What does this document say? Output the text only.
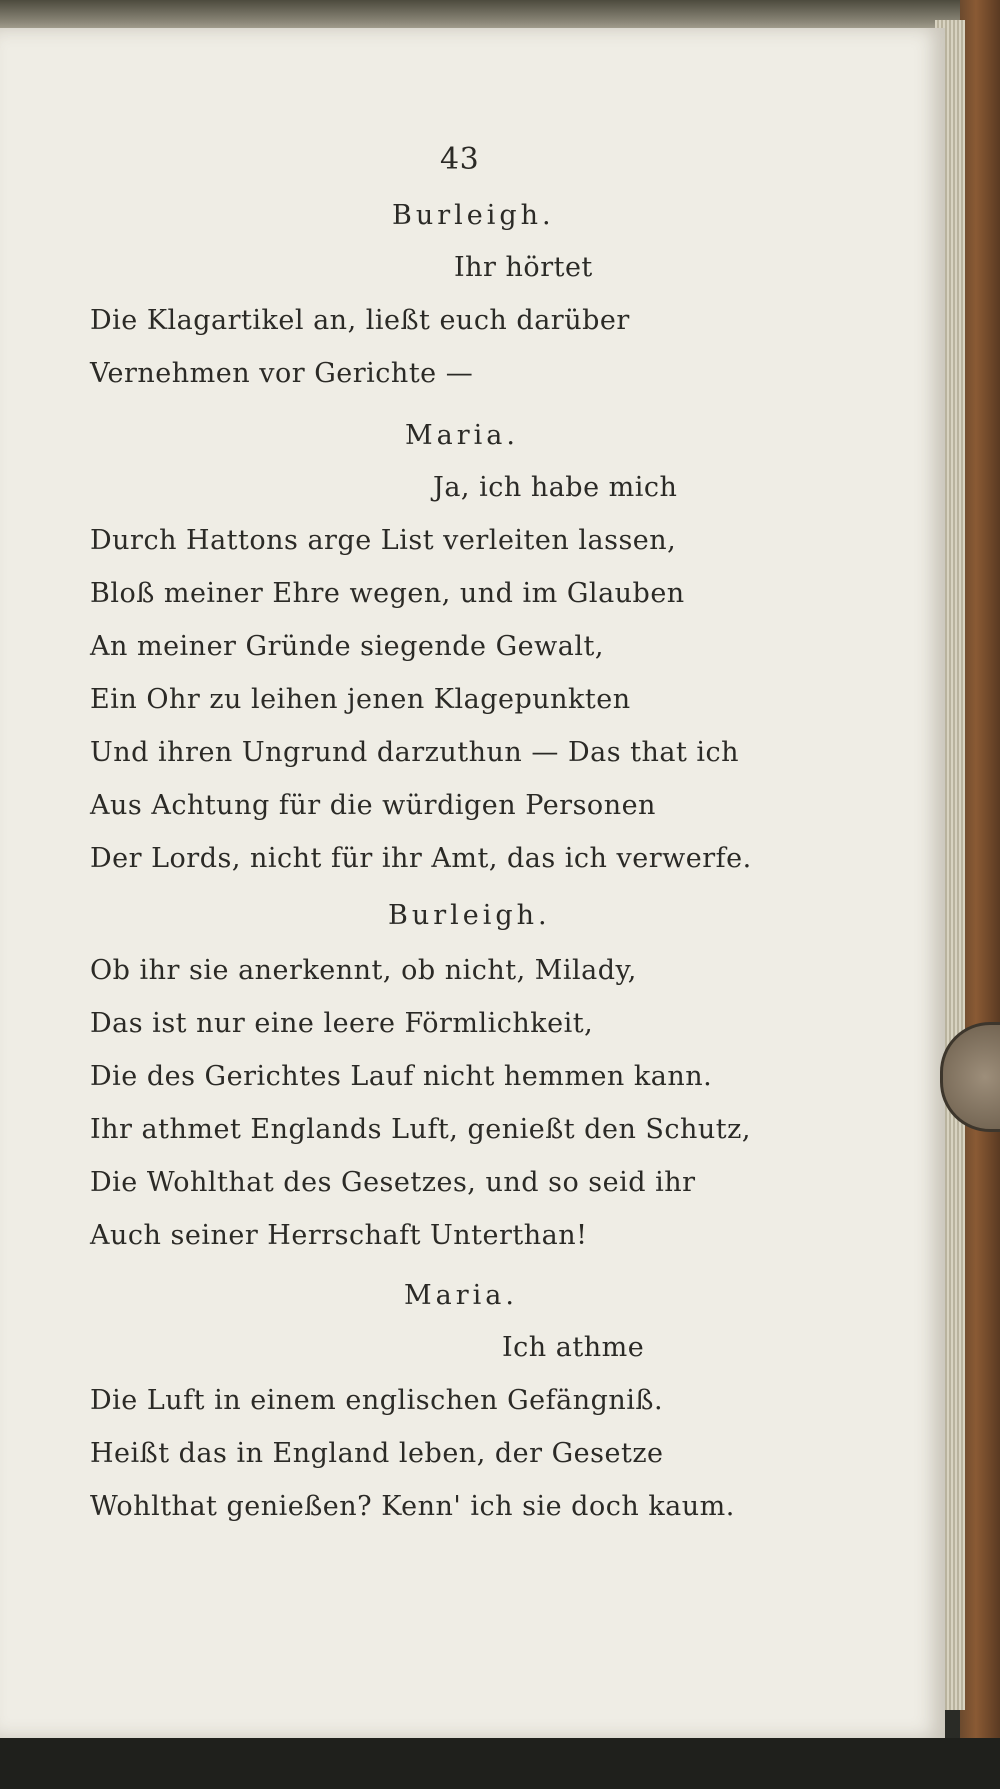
43
Burleigh.
Ihr hörtet
Die Klagartikel an, ließt euch darüber
Vernehmen vor Gerichte —
Maria.
Ja, ich habe mich
Durch Hattons arge List verleiten lassen,
Bloß meiner Ehre wegen, und im Glauben
An meiner Gründe siegende Gewalt,
Ein Ohr zu leihen jenen Klagepunkten
Und ihren Ungrund darzuthun — Das that ich
Aus Achtung für die würdigen Personen
Der Lords, nicht für ihr Amt, das ich verwerfe.
Burleigh.
Ob ihr sie anerkennt, ob nicht, Milady,
Das ist nur eine leere Förmlichkeit,
Die des Gerichtes Lauf nicht hemmen kann.
Ihr athmet Englands Luft, genießt den Schutz,
Die Wohlthat des Gesetzes, und so seid ihr
Auch seiner Herrschaft Unterthan!
Maria.
Ich athme
Die Luft in einem englischen Gefängniß.
Heißt das in England leben, der Gesetze
Wohlthat genießen? Kenn' ich sie doch kaum.
